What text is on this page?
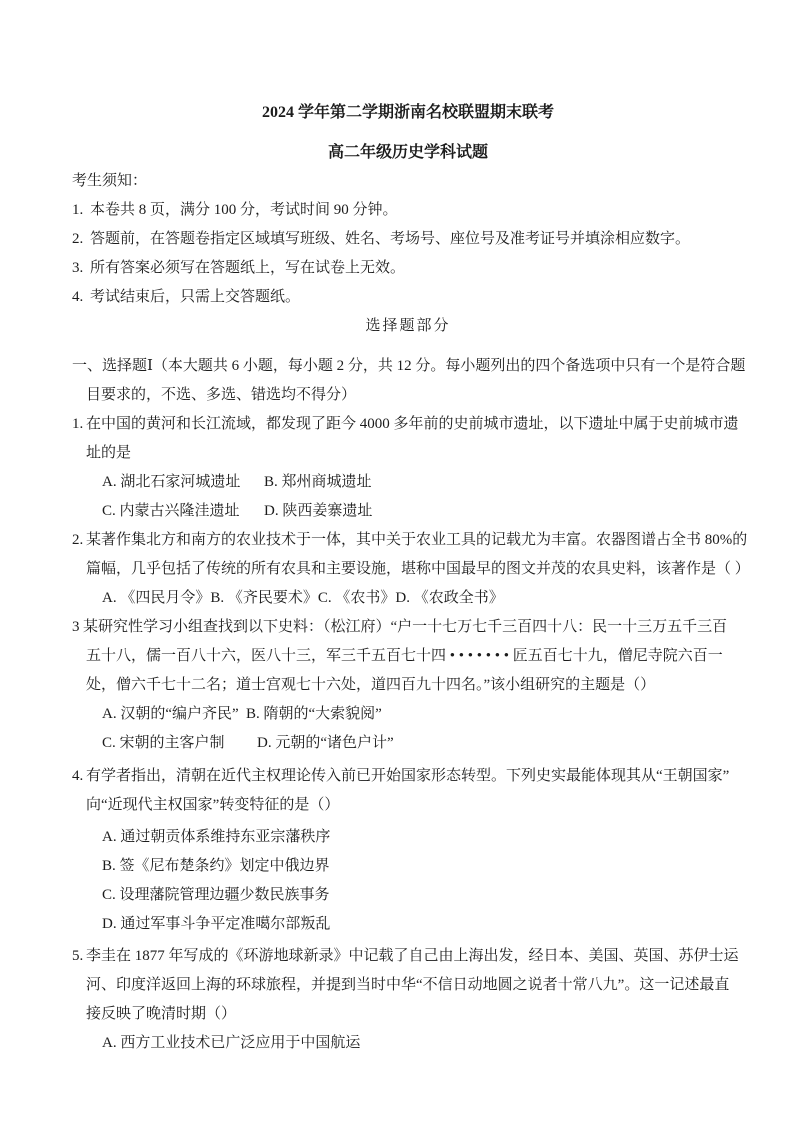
2024 学年第二学期浙南名校联盟期末联考
高二年级历史学科试题
考生须知：
1. 本卷共 8 页，满分 100 分，考试时间 90 分钟。
2. 答题前，在答题卷指定区域填写班级、姓名、考场号、座位号及准考证号并填涂相应数字。
3. 所有答案必须写在答题纸上，写在试卷上无效。
4. 考试结束后，只需上交答题纸。
选择题部分
一、选择题Ⅰ（本大题共 6 小题，每小题 2 分，共 12 分。每小题列出的四个备选项中只有一个是符合题
目要求的，不选、多选、错选均不得分）
1. 在中国的黄河和长江流域，都发现了距今 4000 多年前的史前城市遗址，以下遗址中属于史前城市遗
址的是
A. 湖北石家河城遗址 B. 郑州商城遗址
C. 内蒙古兴隆洼遗址 D. 陕西姜寨遗址
2. 某著作集北方和南方的农业技术于一体，其中关于农业工具的记载尤为丰富。农器图谱占全书 80%的
篇幅，几乎包括了传统的所有农具和主要设施，堪称中国最早的图文并茂的农具史料，该著作是（ ）
A. 《四民月令》B. 《齐民要术》C. 《农书》D. 《农政全书》
3 某研究性学习小组查找到以下史料：（松江府）“户一十七万七千三百四十八：民一十三万五千三百
五十八，儒一百八十六，医八十三，军三千五百七十四 • • • • • • • 匠五百七十九，僧尼寺院六百一
处，僧六千七十二名；道士宫观七十六处，道四百九十四名。”该小组研究的主题是（）
A. 汉朝的“编户齐民” B. 隋朝的“大索貌阅”
C. 宋朝的主客户制 D. 元朝的“诸色户计”
4. 有学者指出，清朝在近代主权理论传入前已开始国家形态转型。下列史实最能体现其从“王朝国家”
向“近现代主权国家”转变特征的是（）
A. 通过朝贡体系维持东亚宗藩秩序
B. 签《尼布楚条约》划定中俄边界
C. 设理藩院管理边疆少数民族事务
D. 通过军事斗争平定准噶尔部叛乱
5. 李圭在 1877 年写成的《环游地球新录》中记载了自己由上海出发，经日本、美国、英国、苏伊士运
河、印度洋返回上海的环球旅程，并提到当时中华“不信日动地圆之说者十常八九”。这一记述最直
接反映了晚清时期（）
A. 西方工业技术已广泛应用于中国航运
